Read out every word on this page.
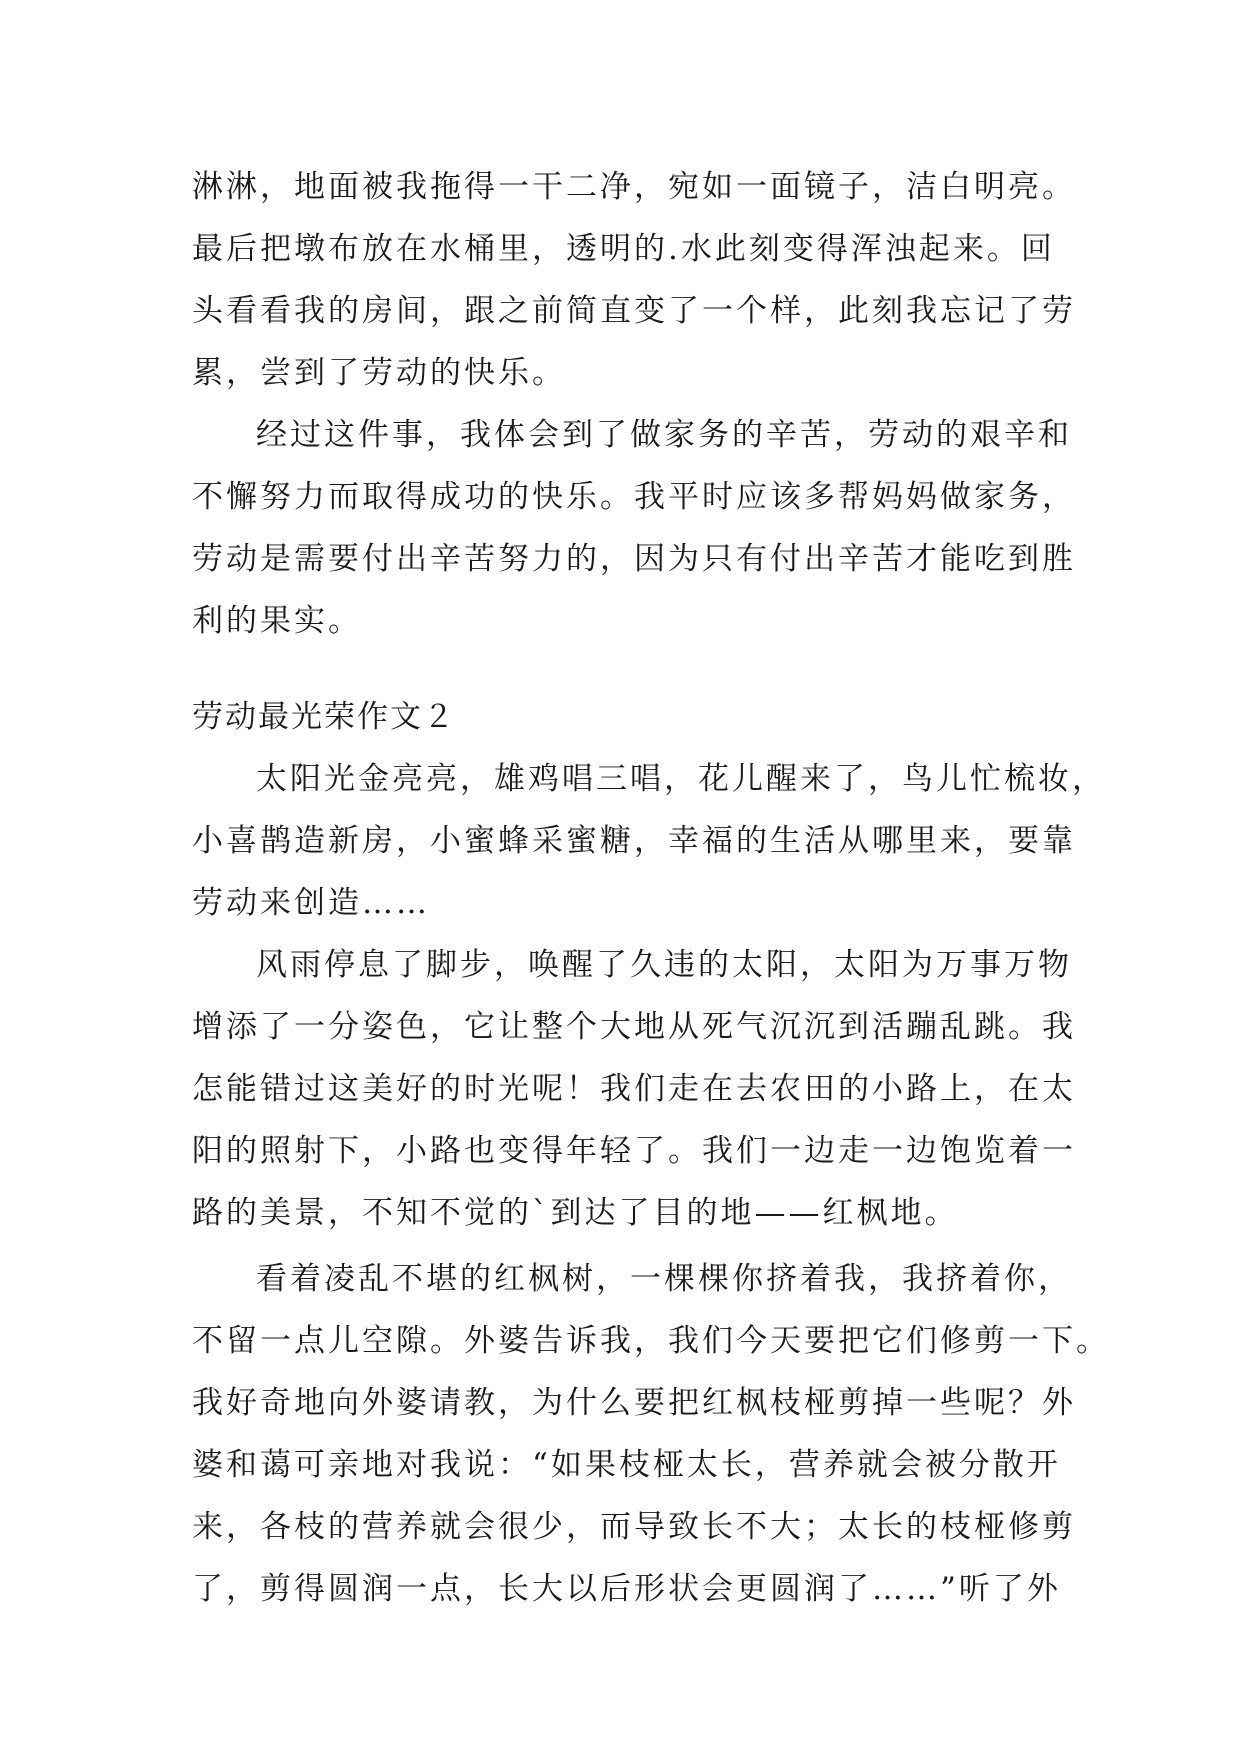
淋淋，地面被我拖得一干二净，宛如一面镜子，洁白明亮。
最后把墩布放在水桶里，透明的.水此刻变得浑浊起来。回
头看看我的房间，跟之前简直变了一个样，此刻我忘记了劳
累，尝到了劳动的快乐。
经过这件事，我体会到了做家务的辛苦，劳动的艰辛和
不懈努力而取得成功的快乐。我平时应该多帮妈妈做家务，
劳动是需要付出辛苦努力的，因为只有付出辛苦才能吃到胜
利的果实。
劳动最光荣作文２
太阳光金亮亮，雄鸡唱三唱，花儿醒来了，鸟儿忙梳妆，
小喜鹊造新房，小蜜蜂采蜜糖，幸福的生活从哪里来，要靠
劳动来创造……
风雨停息了脚步，唤醒了久违的太阳，太阳为万事万物
增添了一分姿色，它让整个大地从死气沉沉到活蹦乱跳。我
怎能错过这美好的时光呢！我们走在去农田的小路上，在太
阳的照射下，小路也变得年轻了。我们一边走一边饱览着一
路的美景，不知不觉的`到达了目的地——红枫地。
看着凌乱不堪的红枫树，一棵棵你挤着我，我挤着你，
不留一点儿空隙。外婆告诉我，我们今天要把它们修剪一下。
我好奇地向外婆请教，为什么要把红枫枝桠剪掉一些呢？外
婆和蔼可亲地对我说：“如果枝桠太长，营养就会被分散开
来，各枝的营养就会很少，而导致长不大；太长的枝桠修剪
了，剪得圆润一点，长大以后形状会更圆润了……”听了外
